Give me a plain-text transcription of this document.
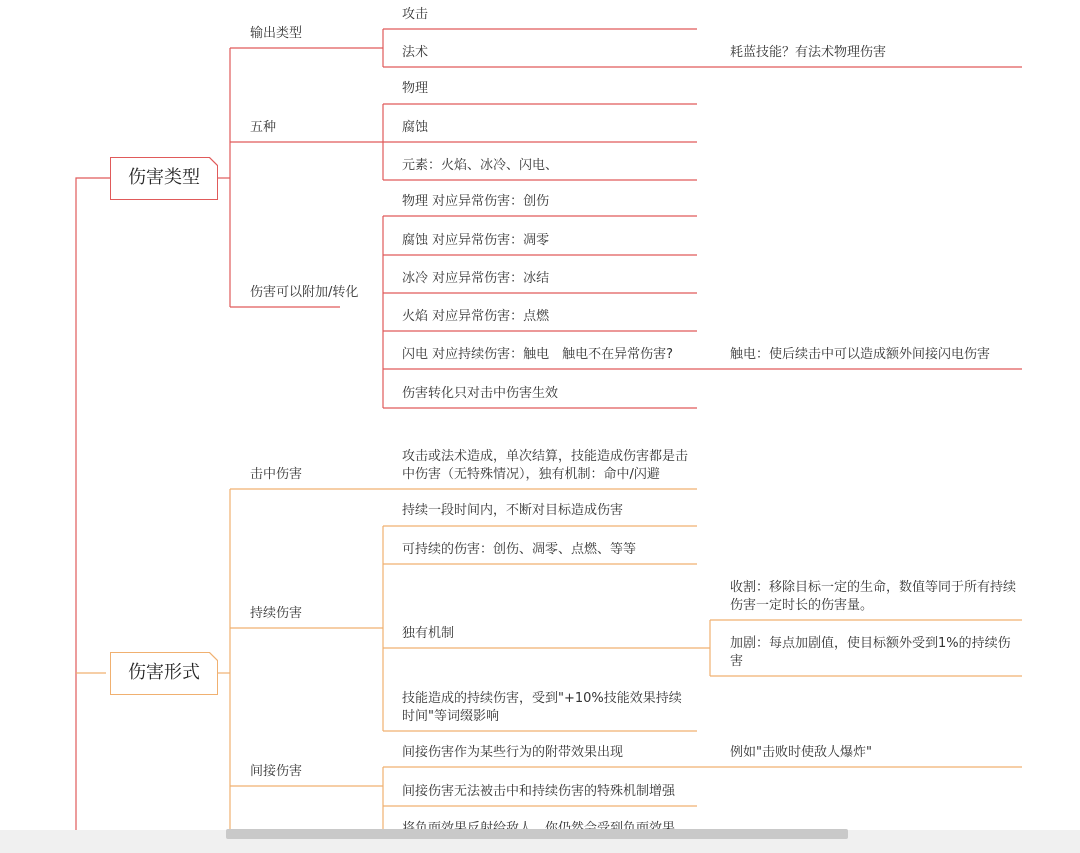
伤害类型
伤害形式
输出类型
五种
伤害可以附加/转化
攻击
法术	耗蓝技能？有法术物理伤害
物理
腐蚀
元素：火焰、冰冷、闪电、
物理 对应异常伤害：创伤
腐蚀 对应异常伤害：凋零
冰冷 对应异常伤害：冰结
火焰 对应异常伤害：点燃
闪电 对应持续伤害：触电　触电不在异常伤害?	触电：使后续击中可以造成额外间接闪电伤害
伤害转化只对击中伤害生效
击中伤害
持续伤害
间接伤害
攻击或法术造成，单次结算，技能造成伤害都是击中伤害（无特殊情况），独有机制：命中/闪避
持续一段时间内，不断对目标造成伤害
可持续的伤害：创伤、凋零、点燃、等等
独有机制
收割：移除目标一定的生命，数值等同于所有持续伤害一定时长的伤害量。
加剧：每点加剧值，使目标额外受到1%的持续伤害
技能造成的持续伤害，受到"+10%技能效果持续时间"等词缀影响
间接伤害作为某些行为的附带效果出现	例如"击败时使敌人爆炸"
间接伤害无法被击中和持续伤害的特殊机制增强
